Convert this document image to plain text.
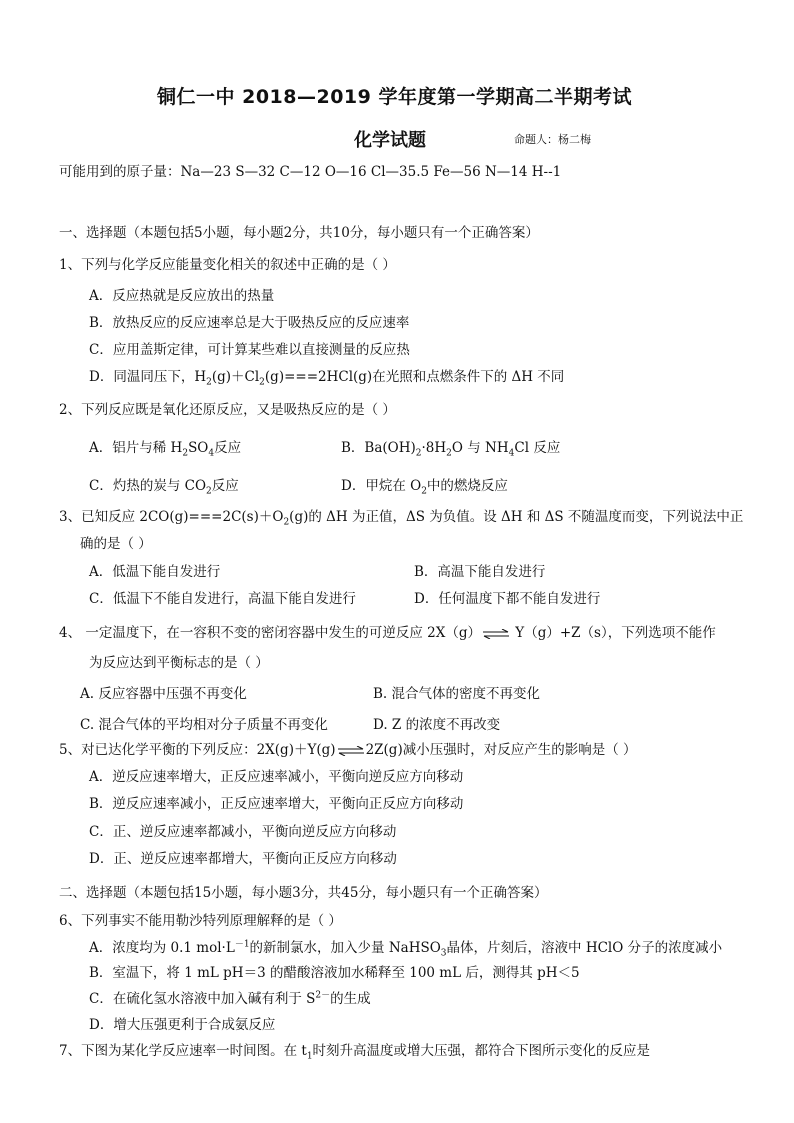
铜仁一中 2018—2019 学年度第一学期高二半期考试
化学试题	命题人：杨二梅
可能用到的原子量：Na—23 S—32 C—12 O—16 Cl—35.5 Fe—56 N—14 H--1
一、选择题（本题包括5小题，每小题2分，共10分，每小题只有一个正确答案）
1、下列与化学反应能量变化相关的叙述中正确的是（ ）
A．反应热就是反应放出的热量
B．放热反应的反应速率总是大于吸热反应的反应速率
C．应用盖斯定律，可计算某些难以直接测量的反应热
D．同温同压下，$H_2(g)+Cl_2(g)===2HCl(g)$在光照和点燃条件下的 ΔH 不同
2、下列反应既是氧化还原反应，又是吸热反应的是（ ）
A．铝片与稀 $H_2SO_4$反应	B．$Ba(OH)_2\cdot 8H_2O$ 与 $NH_4Cl$ 反应
C．灼热的炭与 $CO_2$反应	D．甲烷在 $O_2$中的燃烧反应
3、已知反应 $2CO(g)===2C(s)+O_2(g)$的 ΔH 为正值，ΔS 为负值。设 ΔH 和 ΔS 不随温度而变，下列说法中正
确的是（ ）
A．低温下能自发进行	B．高温下能自发进行
C．低温下不能自发进行，高温下能自发进行	D．任何温度下都不能自发进行
4、 一定温度下，在一容积不变的密闭容器中发生的可逆反应 2X（g）⇌ Y（g）+Z（s），下列选项不能作
为反应达到平衡标志的是（ ）
A. 反应容器中压强不再变化	B. 混合气体的密度不再变化
C. 混合气体的平均相对分子质量不再变化	D. Z 的浓度不再改变
5、对已达化学平衡的下列反应：2X(g)＋Y(g)⇌2Z(g)减小压强时，对反应产生的影响是（ ）
A．逆反应速率增大，正反应速率减小，平衡向逆反应方向移动
B．逆反应速率减小，正反应速率增大，平衡向正反应方向移动
C．正、逆反应速率都减小，平衡向逆反应方向移动
D．正、逆反应速率都增大，平衡向正反应方向移动
二、选择题（本题包括15小题，每小题3分，共45分，每小题只有一个正确答案）
6、下列事实不能用勒沙特列原理解释的是（ ）
A．浓度均为 0.1 $mol\cdot L^{-1}$的新制氯水，加入少量 NaHSO$_3$晶体，片刻后，溶液中 HClO 分子的浓度减小
B．室温下，将 1 mL pH＝3 的醋酸溶液加水稀释至 100 mL 后，测得其 pH＜5
C．在硫化氢水溶液中加入碱有利于 $S^{2-}$的生成
D．增大压强更利于合成氨反应
7、下图为某化学反应速率一时间图。在 $t_1$时刻升高温度或增大压强，都符合下图所示变化的反应是
